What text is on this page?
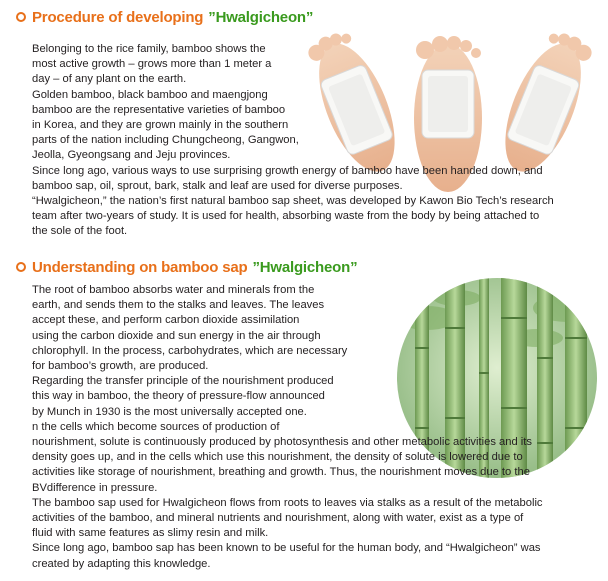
Procedure of developing ”Hwalgicheon”

Belonging to the rice family, bamboo shows the
most active growth – grows more than 1 meter a
day – of any plant on the earth.
Golden bamboo, black bamboo and maengjong
bamboo are the representative varieties of bamboo
in Korea, and they are grown mainly in the southern
parts of the nation including Chungcheong, Gangwon,
Jeolla, Gyeongsang and Jeju provinces.
Since long ago, various ways to use surprising growth energy of bamboo have been handed down, and
bamboo sap, oil, sprout, bark, stalk and leaf are used for diverse purposes.
“Hwalgicheon,” the nation’s first natural bamboo sap sheet, was developed by Kawon Bio Tech’s research
team after two-years of study. It is used for health, absorbing waste from the body by being attached to
the sole of the foot.

Understanding on bamboo sap ”Hwalgicheon”

The root of bamboo absorbs water and minerals from the
earth, and sends them to the stalks and leaves. The leaves
accept these, and perform carbon dioxide assimilation
using the carbon dioxide and sun energy in the air through
chlorophyll. In the process, carbohydrates, which are necessary
for bamboo’s growth, are produced.
Regarding the transfer principle of the nourishment produced
this way in bamboo, the theory of pressure-flow announced
by Munch in 1930 is the most universally accepted one.
n the cells which become sources of production of
nourishment, solute is continuously produced by photosynthesis and other metabolic activities and its
density goes up, and in the cells which use this nourishment, the density of solute is lowered due to
activities like storage of nourishment, breathing and growth. Thus, the nourishment moves due to the
BVdifference in pressure.
The bamboo sap used for Hwalgicheon flows from roots to leaves via stalks as a result of the metabolic
activities of the bamboo, and mineral nutrients and nourishment, along with water, exist as a type of
fluid with same features as slimy resin and milk.
Since long ago, bamboo sap has been known to be useful for the human body, and “Hwalgicheon” was
created by adapting this knowledge.
